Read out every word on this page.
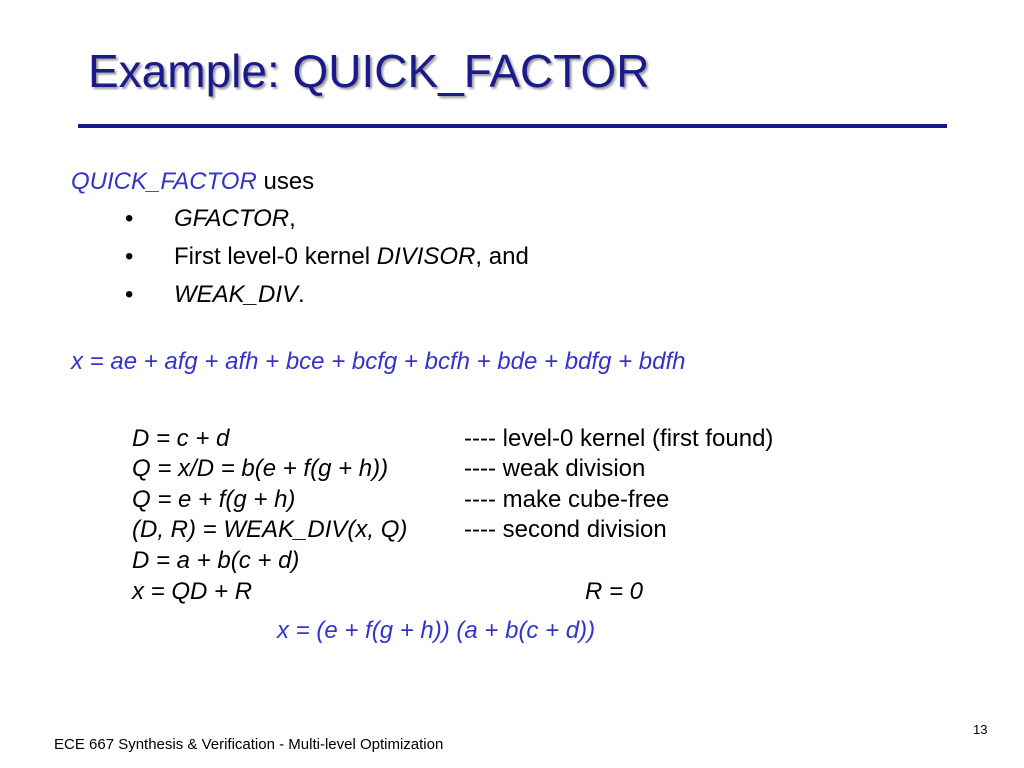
Example: QUICK_FACTOR
QUICK_FACTOR uses
• GFACTOR,
• First level-0 kernel DIVISOR, and
• WEAK_DIV.
x = ae + afg + afh + bce + bcfg + bcfh + bde + bdfg + bdfh
D = c + d	---- level-0 kernel (first found)
Q = x/D = b(e + f(g + h))	---- weak division
Q = e + f(g + h)	---- make cube-free
(D, R) = WEAK_DIV(x, Q) ---- second division
D = a + b(c + d)
x = QD + R	R = 0
x = (e + f(g + h)) (a + b(c + d))
ECE 667 Synthesis & Verification - Multi-level Optimization
13
